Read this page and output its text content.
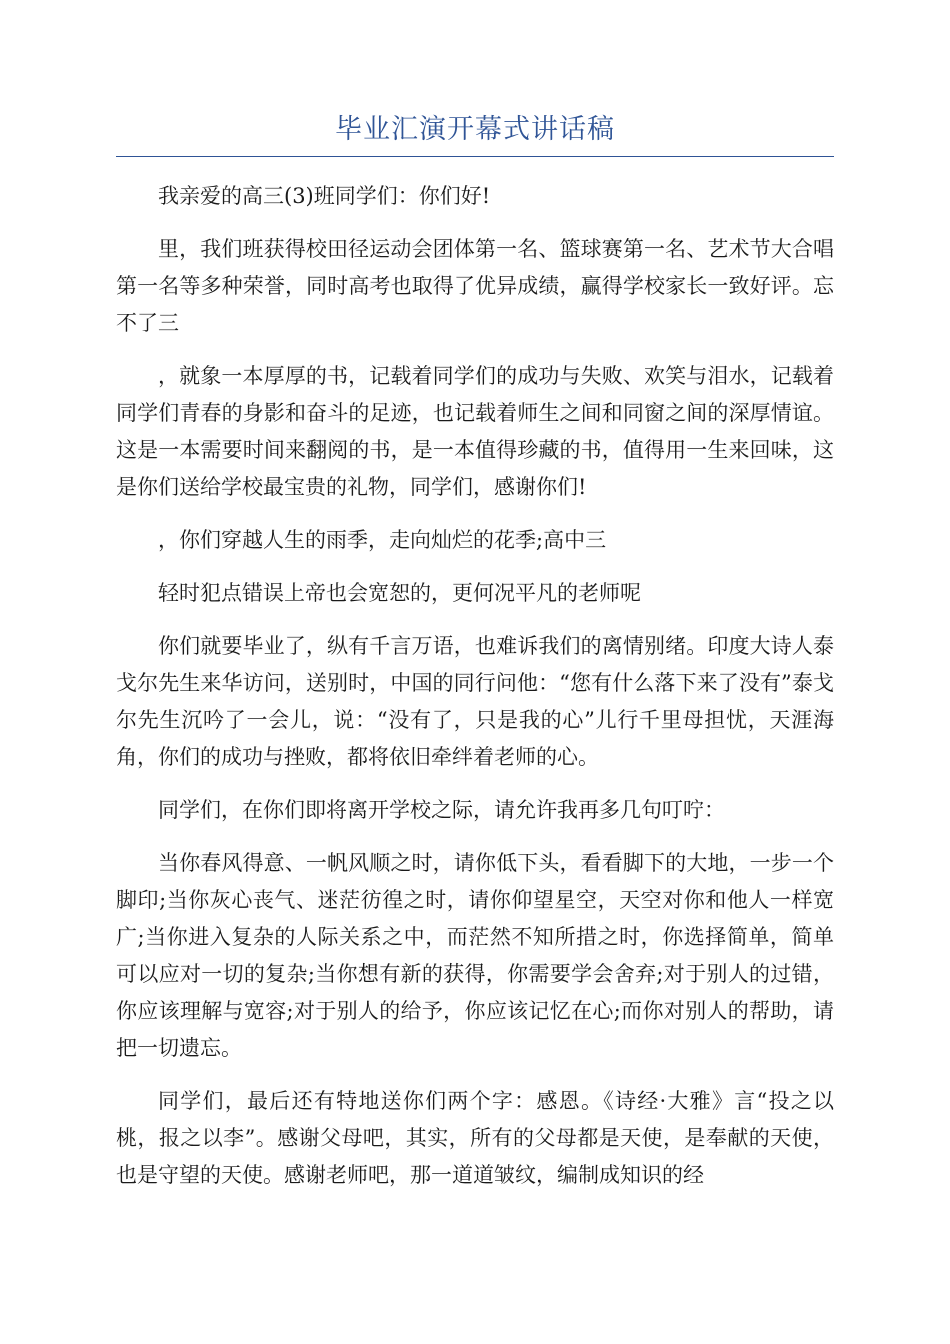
毕业汇演开幕式讲话稿

我亲爱的高三(3)班同学们：你们好!

里，我们班获得校田径运动会团体第一名、篮球赛第一名、艺术节大合唱第一名等多种荣誉，同时高考也取得了优异成绩，赢得学校家长一致好评。忘不了三

，就象一本厚厚的书，记载着同学们的成功与失败、欢笑与泪水，记载着同学们青春的身影和奋斗的足迹，也记载着师生之间和同窗之间的深厚情谊。这是一本需要时间来翻阅的书，是一本值得珍藏的书，值得用一生来回味，这是你们送给学校最宝贵的礼物，同学们，感谢你们!

，你们穿越人生的雨季，走向灿烂的花季;高中三

轻时犯点错误上帝也会宽恕的，更何况平凡的老师呢

你们就要毕业了，纵有千言万语，也难诉我们的离情别绪。印度大诗人泰戈尔先生来华访问，送别时，中国的同行问他：“您有什么落下来了没有”泰戈尔先生沉吟了一会儿，说：“没有了，只是我的心”儿行千里母担忧，天涯海角，你们的成功与挫败，都将依旧牵绊着老师的心。

同学们，在你们即将离开学校之际，请允许我再多几句叮咛：

当你春风得意、一帆风顺之时，请你低下头，看看脚下的大地，一步一个脚印;当你灰心丧气、迷茫彷徨之时，请你仰望星空，天空对你和他人一样宽广;当你进入复杂的人际关系之中，而茫然不知所措之时，你选择简单，简单可以应对一切的复杂;当你想有新的获得，你需要学会舍弃;对于别人的过错，你应该理解与宽容;对于别人的给予，你应该记忆在心;而你对别人的帮助，请把一切遗忘。

同学们，最后还有特地送你们两个字：感恩。《诗经·大雅》言“投之以桃，报之以李”。感谢父母吧，其实，所有的父母都是天使，是奉献的天使，也是守望的天使。感谢老师吧，那一道道皱纹，编制成知识的经
